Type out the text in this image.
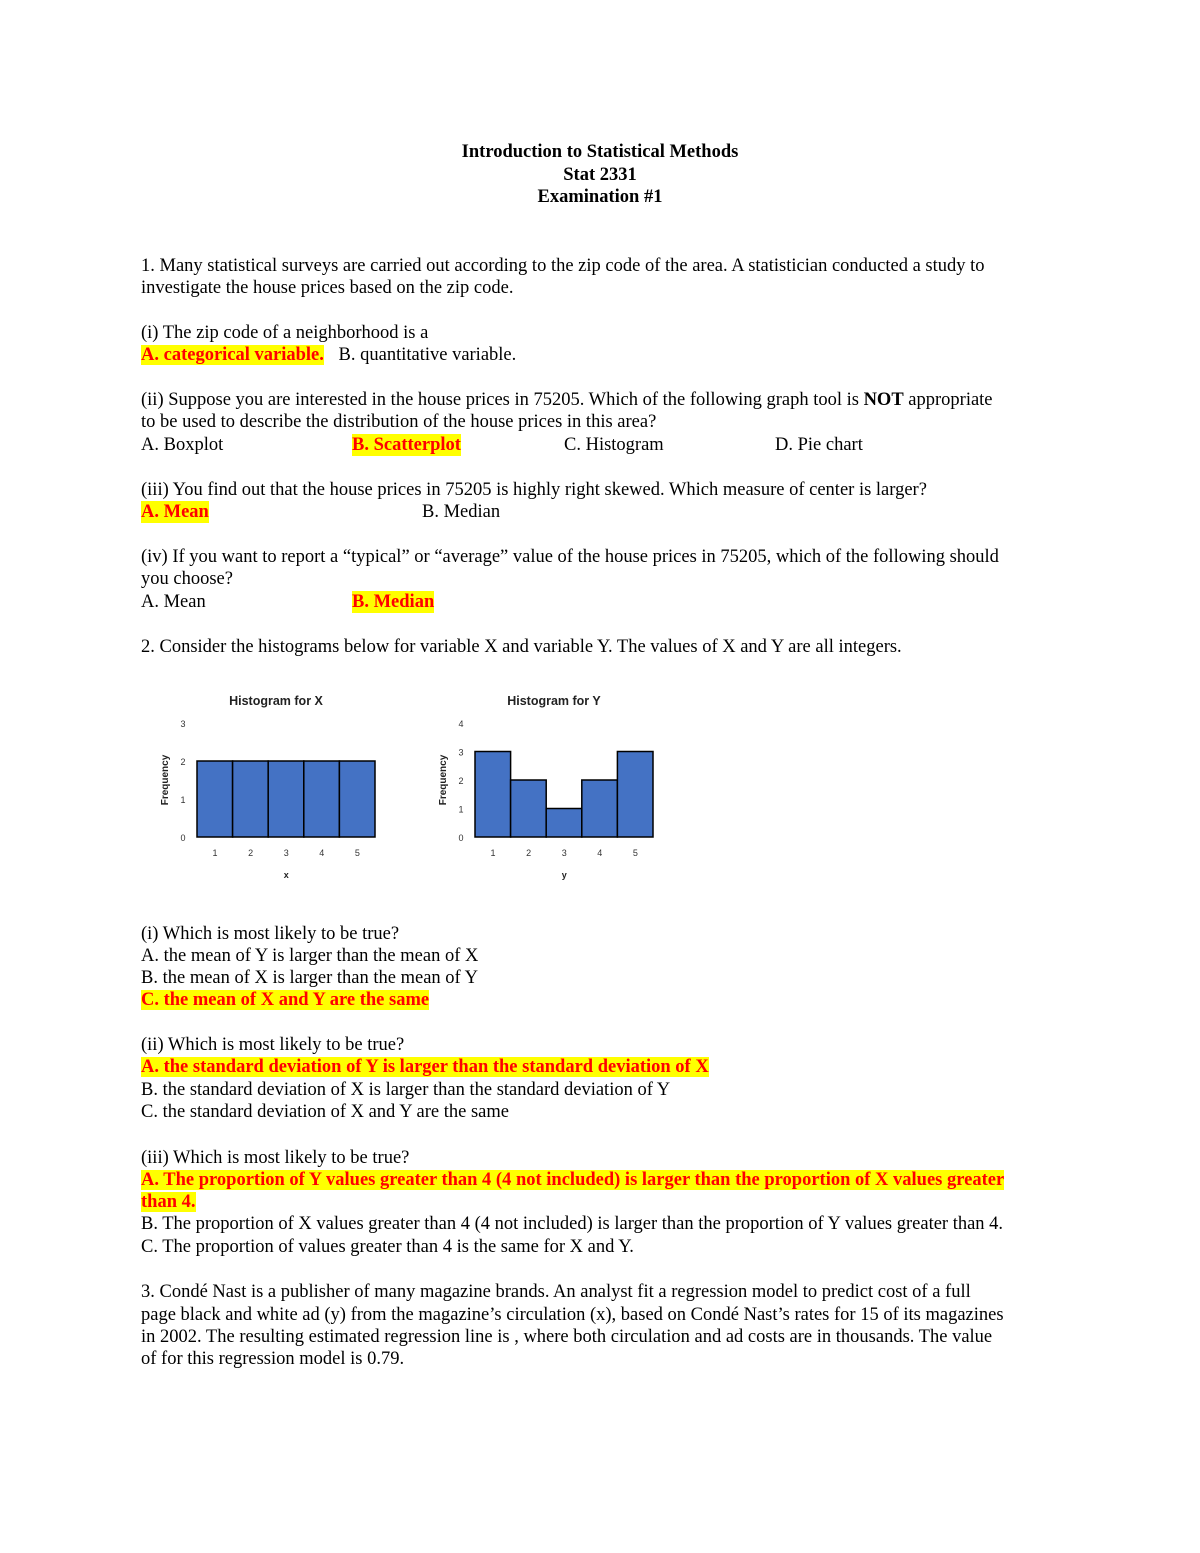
Introduction to Statistical Methods
Stat 2331
Examination #1
1. Many statistical surveys are carried out according to the zip code of the area. A statistician conducted a study to
investigate the house prices based on the zip code.
(i) The zip code of a neighborhood is a
A. categorical variable. B. quantitative variable.
(ii) Suppose you are interested in the house prices in 75205. Which of the following graph tool is NOT appropriate
to be used to describe the distribution of the house prices in this area?
A. Boxplot	B. Scatterplot	C. Histogram	D. Pie chart
(iii) You find out that the house prices in 75205 is highly right skewed. Which measure of center is larger?
A. Mean	B. Median
(iv) If you want to report a “typical” or “average” value of the house prices in 75205, which of the following should
you choose?
A. Mean	B. Median
2. Consider the histograms below for variable X and variable Y. The values of X and Y are all integers.
Histogram for X
0
1
2
3
1	2	3	4	5
x
Frequency
Histogram for Y
0
1
2
3
4
1	2	3	4	5
y
Frequency
(i) Which is most likely to be true?
A. the mean of Y is larger than the mean of X
B. the mean of X is larger than the mean of Y
C. the mean of X and Y are the same
(ii) Which is most likely to be true?
A. the standard deviation of Y is larger than the standard deviation of X
B. the standard deviation of X is larger than the standard deviation of Y
C. the standard deviation of X and Y are the same
(iii) Which is most likely to be true?
A. The proportion of Y values greater than 4 (4 not included) is larger than the proportion of X values greater
than 4.
B. The proportion of X values greater than 4 (4 not included) is larger than the proportion of Y values greater than 4.
C. The proportion of values greater than 4 is the same for X and Y.
3. Condé Nast is a publisher of many magazine brands. An analyst fit a regression model to predict cost of a full
page black and white ad (y) from the magazine’s circulation (x), based on Condé Nast’s rates for 15 of its magazines
in 2002. The resulting estimated regression line is , where both circulation and ad costs are in thousands. The value
of for this regression model is 0.79.
